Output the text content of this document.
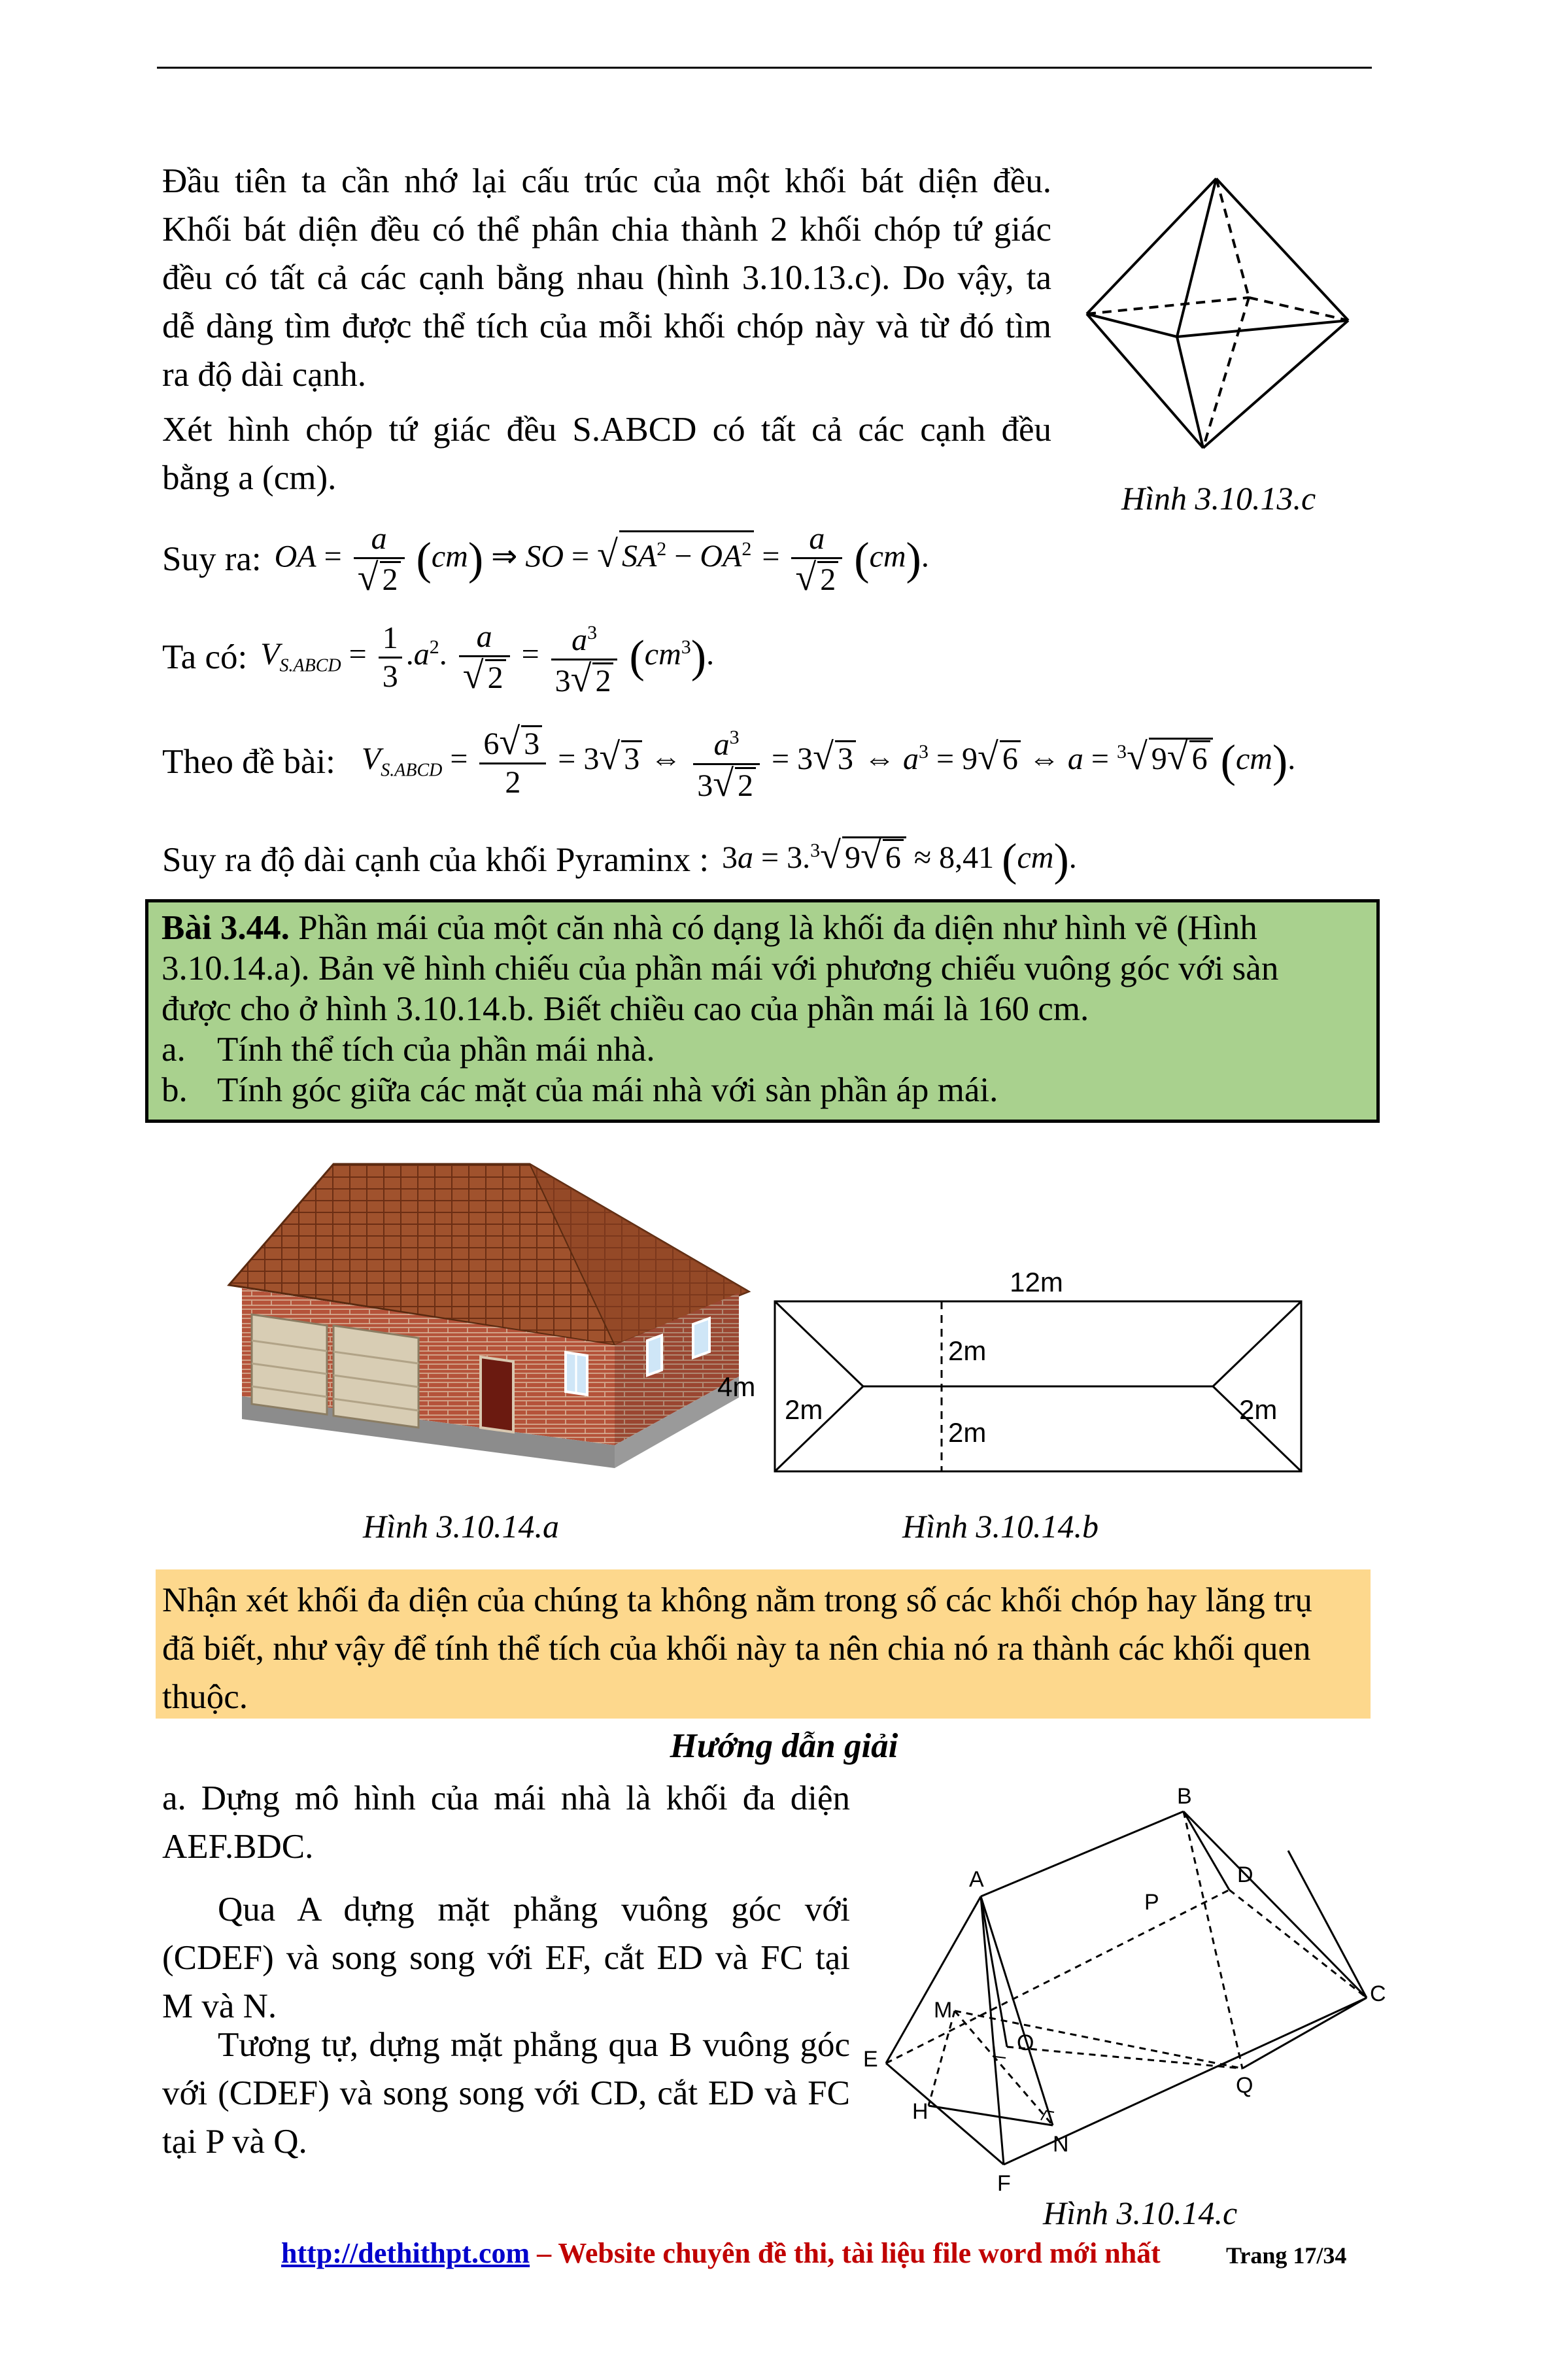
Đầu tiên ta cần nhớ lại cấu trúc của một khối bát diện đều.
Khối bát diện đều có thể phân chia thành 2 khối chóp tứ giác
đều có tất cả các cạnh bằng nhau (hình 3.10.13.c). Do vậy, ta
dễ dàng tìm được thể tích của mỗi khối chóp này và từ đó tìm
ra độ dài cạnh.
Xét hình chóp tứ giác đều S.ABCD có tất cả các cạnh đều
bằng a (cm).
Hình 3.10.13.c
Suy ra: OA = $\frac{a}{√ 2} (cm)$ ⇒ SO = √ $SA^2 - OA^2 = \frac{a}{√ 2} (cm)$.
Ta có: $V_{S.ABCD} = \frac{1}{3} .a^2$. $\frac{a}{√ 2} = \frac{a^3}{3√ 2} (cm^3)$.
Theo đề bài: $V_{S.ABCD} = \frac{6√ 3}{2} = 3√$ 3 ⇔ $\frac{a^3}{3√ 2} = 3√$ 3 ⇔ $a^3 = 9√$ 6 ⇔ a = $^3$√ 9√ 6 (cm).
Suy ra độ dài cạnh của khối Pyraminx : 3a = 3.$^3$√ 9√ 6 ≈ 8,41 (cm).
Bài 3.44. Phần mái của một căn nhà có dạng là khối đa diện như hình vẽ (Hình
3.10.14.a). Bản vẽ hình chiếu của phần mái với phương chiếu vuông góc với sàn
được cho ở hình 3.10.14.b. Biết chiều cao của phần mái là 160 cm.
a. Tính thể tích của phần mái nhà.
b. Tính góc giữa các mặt của mái nhà với sàn phần áp mái.
Hình 3.10.14.a
12m
4m
2m
2m
2m	2m
Hình 3.10.14.b
Nhận xét khối đa diện của chúng ta không nằm trong số các khối chóp hay lăng trụ
đã biết, như vậy để tính thể tích của khối này ta nên chia nó ra thành các khối quen
thuộc.
Hướng dẫn giải
a. Dựng mô hình của mái nhà là khối đa diện
AEF.BDC.
Qua A dựng mặt phẳng vuông góc với
(CDEF) và song song với EF, cắt ED và FC tại
M và N.
Tương tự, dựng mặt phẳng qua B vuông góc
với (CDEF) và song song với CD, cắt ED và FC
tại P và Q.
A
B
C
D
E
F
H
M
N
O
P
Q
Hình 3.10.14.c
http://dethithpt.com – Website chuyên đề thi, tài liệu file word mới nhất	Trang 17/34
